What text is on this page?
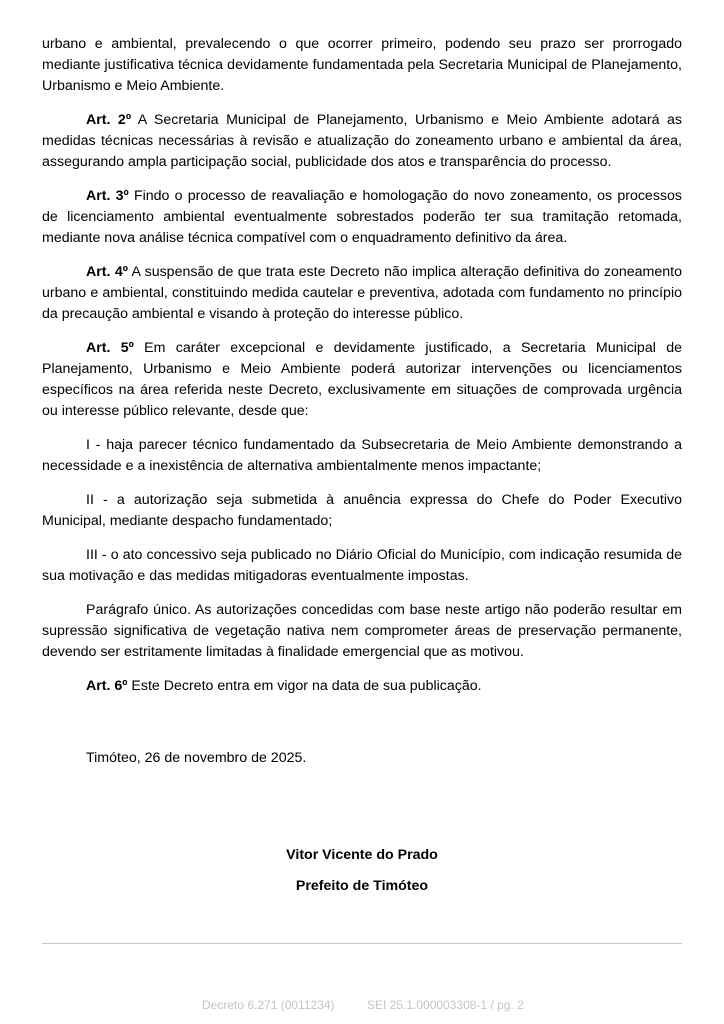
urbano e ambiental, prevalecendo o que ocorrer primeiro, podendo seu prazo ser prorrogado mediante justificativa técnica devidamente fundamentada pela Secretaria Municipal de Planejamento, Urbanismo e Meio Ambiente.

Art. 2º A Secretaria Municipal de Planejamento, Urbanismo e Meio Ambiente adotará as medidas técnicas necessárias à revisão e atualização do zoneamento urbano e ambiental da área, assegurando ampla participação social, publicidade dos atos e transparência do processo.

Art. 3º Findo o processo de reavaliação e homologação do novo zoneamento, os processos de licenciamento ambiental eventualmente sobrestados poderão ter sua tramitação retomada, mediante nova análise técnica compatível com o enquadramento definitivo da área.

Art. 4º A suspensão de que trata este Decreto não implica alteração definitiva do zoneamento urbano e ambiental, constituindo medida cautelar e preventiva, adotada com fundamento no princípio da precaução ambiental e visando à proteção do interesse público.

Art. 5º Em caráter excepcional e devidamente justificado, a Secretaria Municipal de Planejamento, Urbanismo e Meio Ambiente poderá autorizar intervenções ou licenciamentos específicos na área referida neste Decreto, exclusivamente em situações de comprovada urgência ou interesse público relevante, desde que:

I - haja parecer técnico fundamentado da Subsecretaria de Meio Ambiente demonstrando a necessidade e a inexistência de alternativa ambientalmente menos impactante;

II - a autorização seja submetida à anuência expressa do Chefe do Poder Executivo Municipal, mediante despacho fundamentado;

III - o ato concessivo seja publicado no Diário Oficial do Município, com indicação resumida de sua motivação e das medidas mitigadoras eventualmente impostas.

Parágrafo único. As autorizações concedidas com base neste artigo não poderão resultar em supressão significativa de vegetação nativa nem comprometer áreas de preservação permanente, devendo ser estritamente limitadas à finalidade emergencial que as motivou.

Art. 6º Este Decreto entra em vigor na data de sua publicação.

Timóteo, 26 de novembro de 2025.
Vitor Vicente do Prado
Prefeito de Timóteo
Decreto 6.271 (0011234)	SEI 25.1.000003308-1 / pg. 2
